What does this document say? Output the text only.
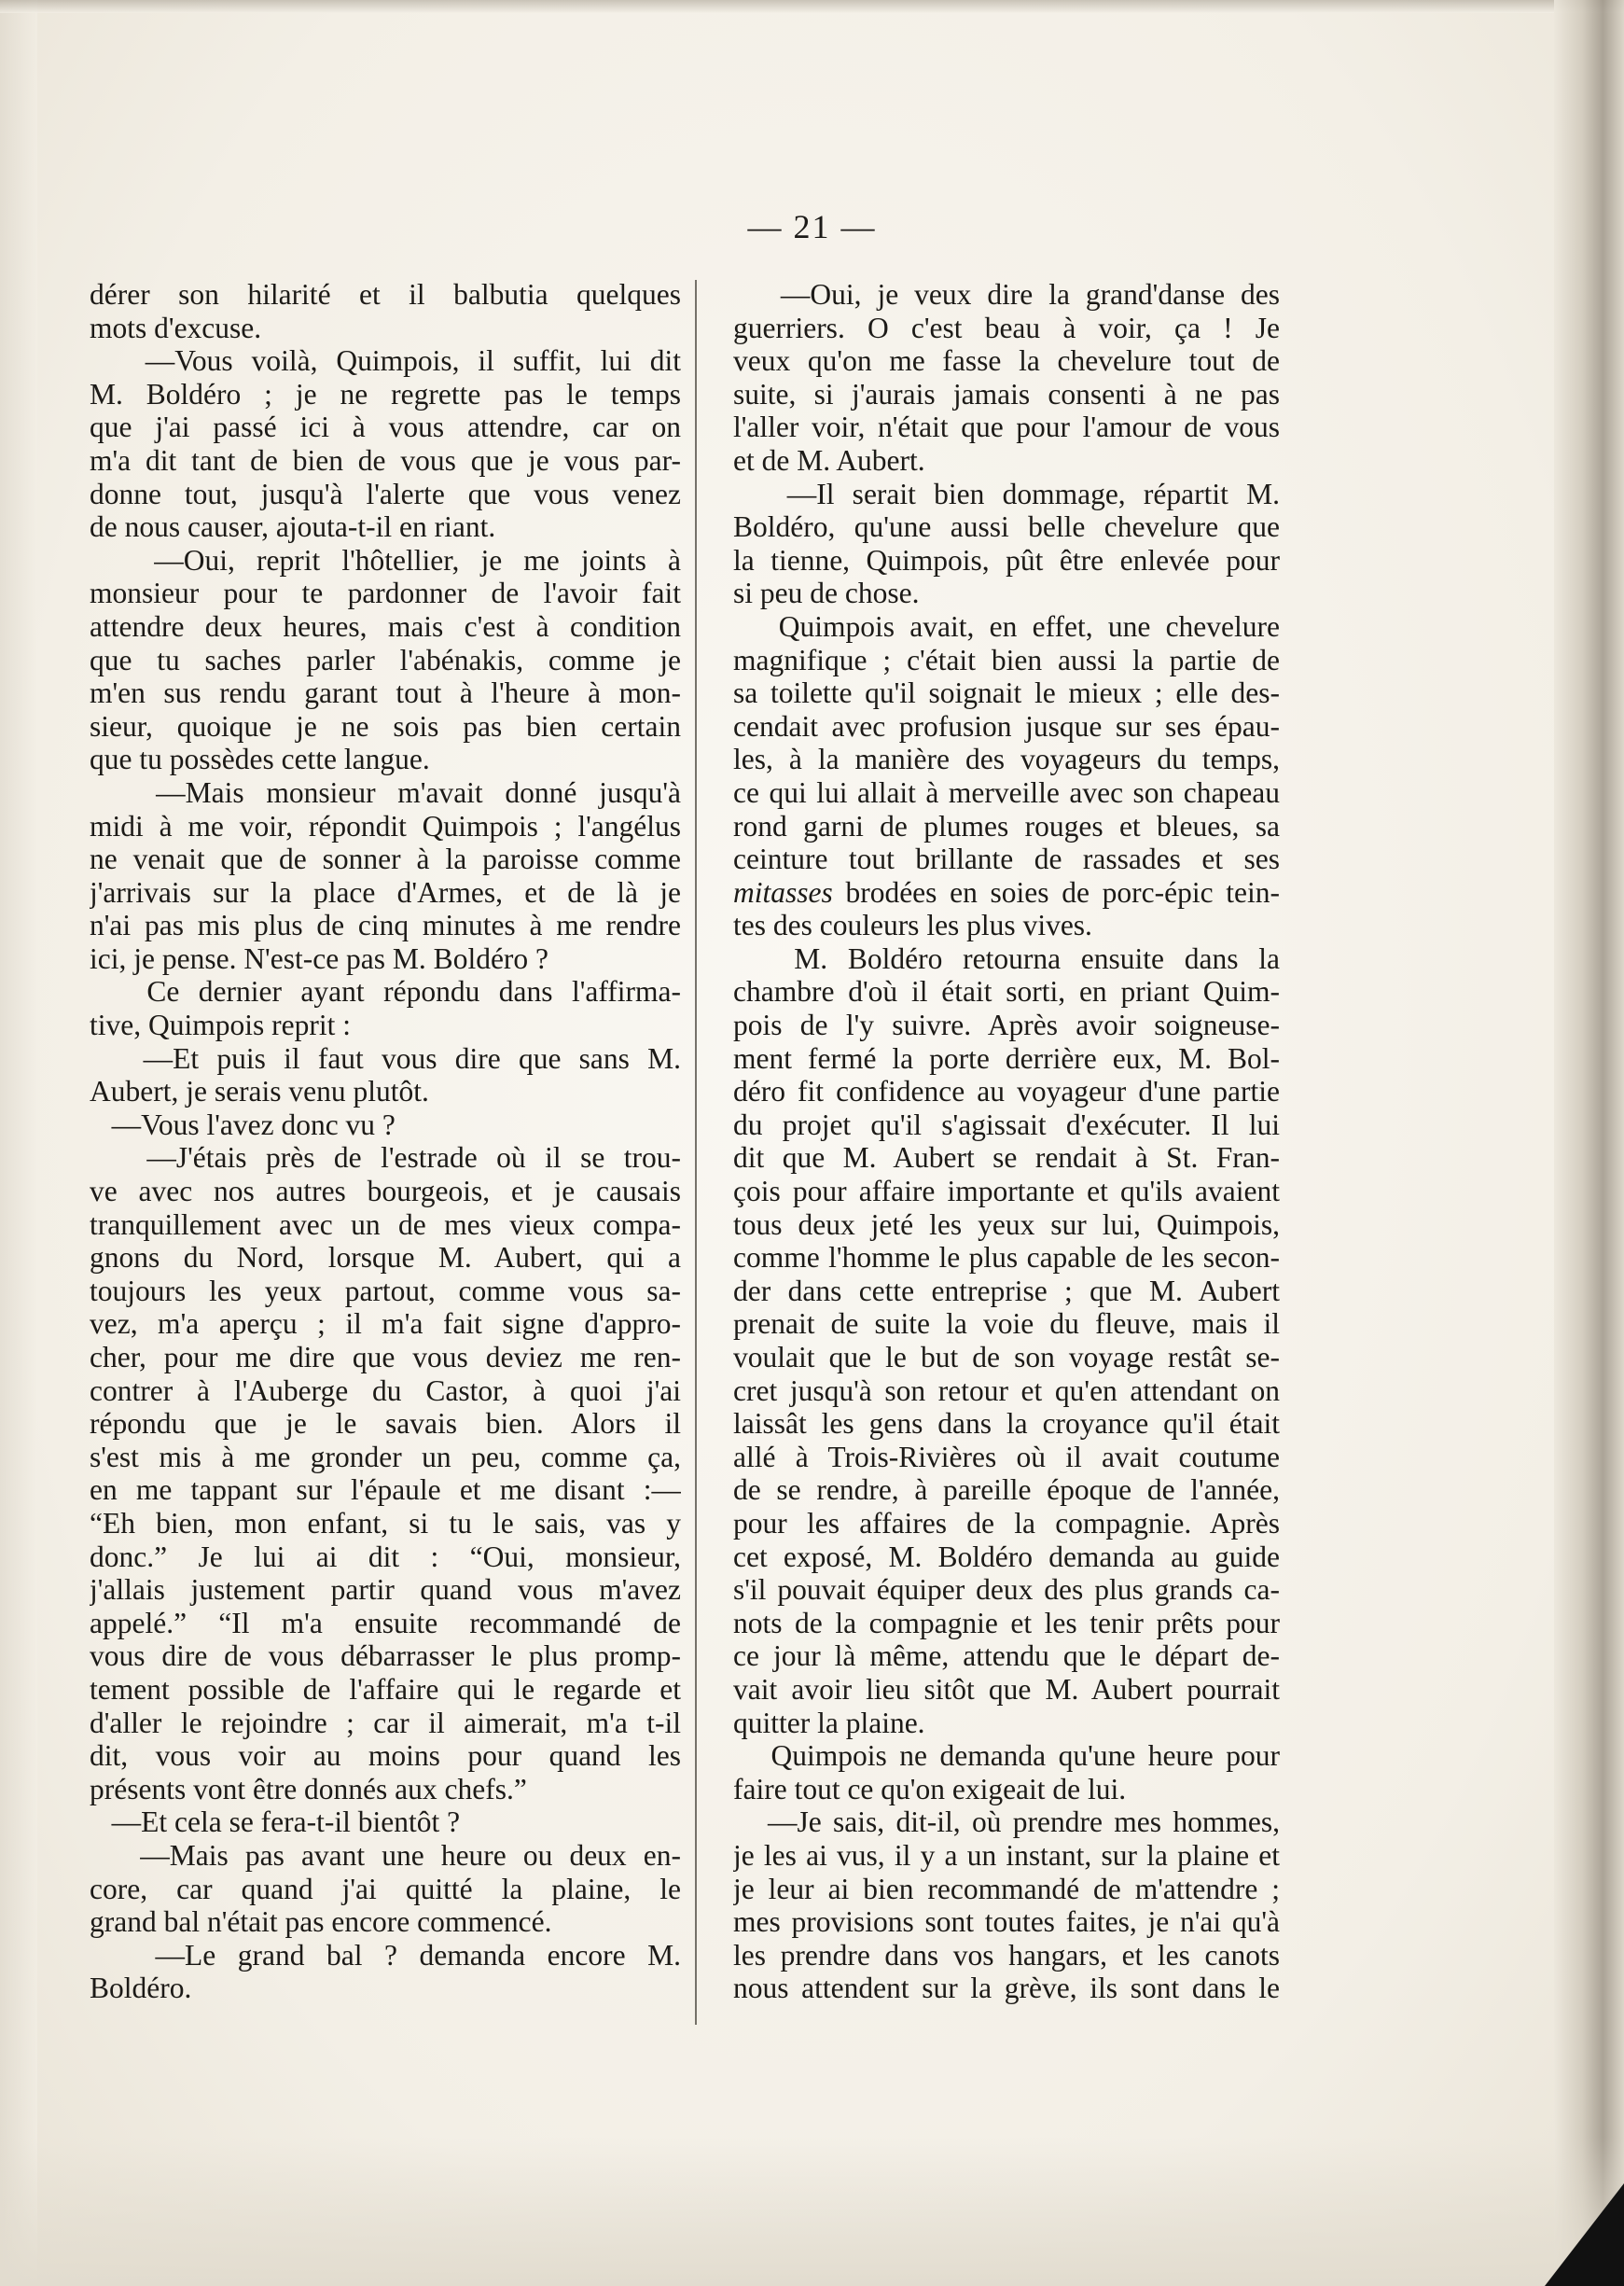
— 21 —
dérer son hilarité et il balbutia quelques
mots d'excuse.
—Vous voilà, Quimpois, il suffit, lui dit
M. Boldéro ; je ne regrette pas le temps
que j'ai passé ici à vous attendre, car on
m'a dit tant de bien de vous que je vous par-
donne tout, jusqu'à l'alerte que vous venez
de nous causer, ajouta-t-il en riant.
—Oui, reprit l'hôtellier, je me joints à
monsieur pour te pardonner de l'avoir fait
attendre deux heures, mais c'est à condition
que tu saches parler l'abénakis, comme je
m'en sus rendu garant tout à l'heure à mon-
sieur, quoique je ne sois pas bien certain
que tu possèdes cette langue.
—Mais monsieur m'avait donné jusqu'à
midi à me voir, répondit Quimpois ; l'angélus
ne venait que de sonner à la paroisse comme
j'arrivais sur la place d'Armes, et de là je
n'ai pas mis plus de cinq minutes à me rendre
ici, je pense. N'est-ce pas M. Boldéro ?
Ce dernier ayant répondu dans l'affirma-
tive, Quimpois reprit :
—Et puis il faut vous dire que sans M.
Aubert, je serais venu plutôt.
—Vous l'avez donc vu ?
—J'étais près de l'estrade où il se trou-
ve avec nos autres bourgeois, et je causais
tranquillement avec un de mes vieux compa-
gnons du Nord, lorsque M. Aubert, qui a
toujours les yeux partout, comme vous sa-
vez, m'a aperçu ; il m'a fait signe d'appro-
cher, pour me dire que vous deviez me ren-
contrer à l'Auberge du Castor, à quoi j'ai
répondu que je le savais bien. Alors il
s'est mis à me gronder un peu, comme ça,
en me tappant sur l'épaule et me disant :—
“Eh bien, mon enfant, si tu le sais, vas y
donc.” Je lui ai dit : “Oui, monsieur,
j'allais justement partir quand vous m'avez
appelé.” “Il m'a ensuite recommandé de
vous dire de vous débarrasser le plus promp-
tement possible de l'affaire qui le regarde et
d'aller le rejoindre ; car il aimerait, m'a t-il
dit, vous voir au moins pour quand les
présents vont être donnés aux chefs.”
—Et cela se fera-t-il bientôt ?
—Mais pas avant une heure ou deux en-
core, car quand j'ai quitté la plaine, le
grand bal n'était pas encore commencé.
—Le grand bal ? demanda encore M.
Boldéro.
—Oui, je veux dire la grand'danse des
guerriers. O c'est beau à voir, ça ! Je
veux qu'on me fasse la chevelure tout de
suite, si j'aurais jamais consenti à ne pas
l'aller voir, n'était que pour l'amour de vous
et de M. Aubert.
—Il serait bien dommage, répartit M.
Boldéro, qu'une aussi belle chevelure que
la tienne, Quimpois, pût être enlevée pour
si peu de chose.
Quimpois avait, en effet, une chevelure
magnifique ; c'était bien aussi la partie de
sa toilette qu'il soignait le mieux ; elle des-
cendait avec profusion jusque sur ses épau-
les, à la manière des voyageurs du temps,
ce qui lui allait à merveille avec son chapeau
rond garni de plumes rouges et bleues, sa
ceinture tout brillante de rassades et ses
mitasses brodées en soies de porc-épic tein-
tes des couleurs les plus vives.
M. Boldéro retourna ensuite dans la
chambre d'où il était sorti, en priant Quim-
pois de l'y suivre. Après avoir soigneuse-
ment fermé la porte derrière eux, M. Bol-
déro fit confidence au voyageur d'une partie
du projet qu'il s'agissait d'exécuter. Il lui
dit que M. Aubert se rendait à St. Fran-
çois pour affaire importante et qu'ils avaient
tous deux jeté les yeux sur lui, Quimpois,
comme l'homme le plus capable de les secon-
der dans cette entreprise ; que M. Aubert
prenait de suite la voie du fleuve, mais il
voulait que le but de son voyage restât se-
cret jusqu'à son retour et qu'en attendant on
laissât les gens dans la croyance qu'il était
allé à Trois-Rivières où il avait coutume
de se rendre, à pareille époque de l'année,
pour les affaires de la compagnie. Après
cet exposé, M. Boldéro demanda au guide
s'il pouvait équiper deux des plus grands ca-
nots de la compagnie et les tenir prêts pour
ce jour là même, attendu que le départ de-
vait avoir lieu sitôt que M. Aubert pourrait
quitter la plaine.
Quimpois ne demanda qu'une heure pour
faire tout ce qu'on exigeait de lui.
—Je sais, dit-il, où prendre mes hommes,
je les ai vus, il y a un instant, sur la plaine et
je leur ai bien recommandé de m'attendre ;
mes provisions sont toutes faites, je n'ai qu'à
les prendre dans vos hangars, et les canots
nous attendent sur la grève, ils sont dans le
